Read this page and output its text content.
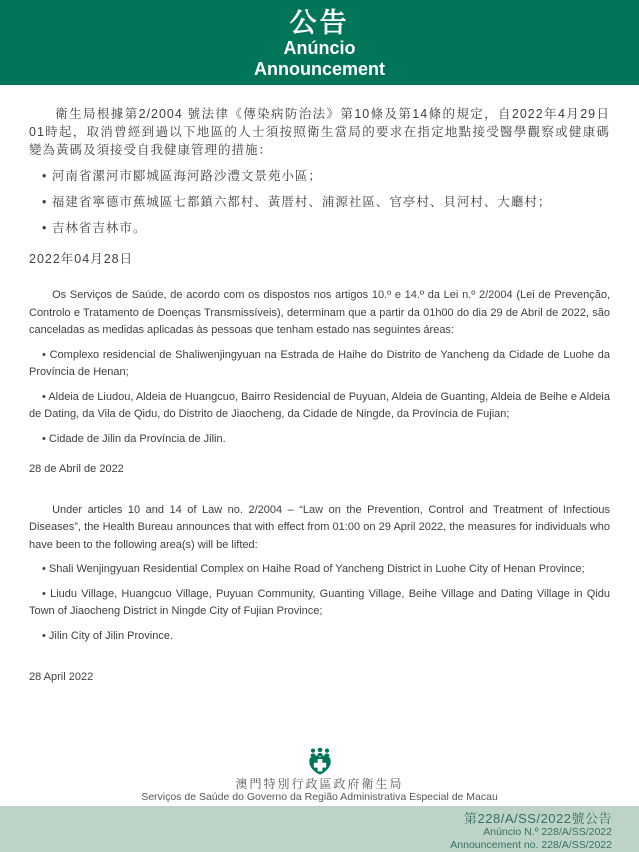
公告
Anúncio
Announcement

衛生局根據第2/2004 號法律《傳染病防治法》第10條及第14條的規定，自2022年4月29日01時起，取消曾經到過以下地區的人士須按照衛生當局的要求在指定地點接受醫學觀察或健康碼變為黃碼及須接受自我健康管理的措施：

• 河南省漯河市郾城區海河路沙澧文景苑小區；

• 福建省寧德市蕉城區七都鎮六都村、黃厝村、浦源社區、官亭村、貝河村、大廳村；

• 吉林省吉林市。

2022年04月28日

Os Serviços de Saúde, de acordo com os dispostos nos artigos 10.º e 14.º da Lei n.º 2/2004 (Lei de Prevenção, Controlo e Tratamento de Doenças Transmissíveis), determinam que a partir da 01h00 do dia 29 de Abril de 2022, são canceladas as medidas aplicadas às pessoas que tenham estado nas seguintes áreas:

• Complexo residencial de Shaliwenjingyuan na Estrada de Haihe do Distrito de Yancheng da Cidade de Luohe da Província de Henan;

• Aldeia de Liudou, Aldeia de Huangcuo, Bairro Residencial de Puyuan, Aldeia de Guanting, Aldeia de Beihe e Aldeia de Dating, da Vila de Qidu, do Distrito de Jiaocheng, da Cidade de Ningde, da Província de Fujian;

• Cidade de Jilin da Província de Jilin.

28 de Abril de 2022

Under articles 10 and 14 of Law no. 2/2004 – “Law on the Prevention, Control and Treatment of Infectious Diseases”, the Health Bureau announces that with effect from 01:00 on 29 April 2022, the measures for individuals who have been to the following area(s) will be lifted:

• Shali Wenjingyuan Residential Complex on Haihe Road of Yancheng District in Luohe City of Henan Province;

• Liudu Village, Huangcuo Village, Puyuan Community, Guanting Village, Beihe Village and Dating Village in Qidu Town of Jiaocheng District in Ningde City of Fujian Province;

• Jilin City of Jilin Province.

28 April 2022

澳門特別行政區政府衛生局
Serviços de Saúde do Governo da Região Administrativa Especial de Macau
第228/A/SS/2022號公告
Anúncio N.º 228/A/SS/2022
Announcement no. 228/A/SS/2022
